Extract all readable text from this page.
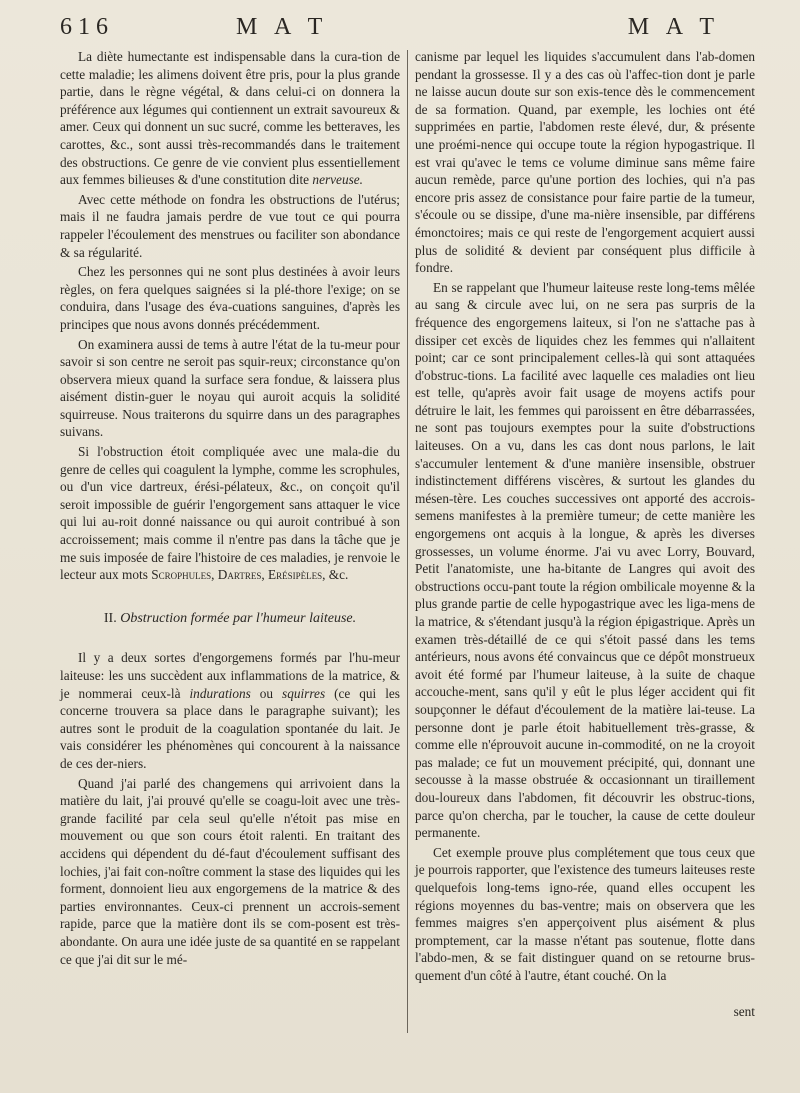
616	M A T	M A T

La diète humectante est indispensable dans la cura-tion de cette maladie; les alimens doivent être pris, pour la plus grande partie, dans le règne végétal, & dans celui-ci on donnera la préférence aux légumes qui contiennent un extrait savoureux & amer. Ceux qui donnent un suc sucré, comme les betteraves, les carottes, &c., sont aussi très-recommandés dans le traitement des obstructions. Ce genre de vie convient plus essentiellement aux femmes bilieuses & d'une constitution dite nerveuse.

Avec cette méthode on fondra les obstructions de l'utérus; mais il ne faudra jamais perdre de vue tout ce qui pourra rappeler l'écoulement des menstrues ou faciliter son abondance & sa régularité.

Chez les personnes qui ne sont plus destinées à avoir leurs règles, on fera quelques saignées si la plé-thore l'exige; on se conduira, dans l'usage des éva-cuations sanguines, d'après les principes que nous avons donnés précédemment.

On examinera aussi de tems à autre l'état de la tu-meur pour savoir si son centre ne seroit pas squir-reux; circonstance qu'on observera mieux quand la surface sera fondue, & laissera plus aisément distin-guer le noyau qui auroit acquis la solidité squirreuse. Nous traiterons du squirre dans un des paragraphes suivans.

Si l'obstruction étoit compliquée avec une mala-die du genre de celles qui coagulent la lymphe, comme les scrophules, ou d'un vice dartreux, érési-pélateux, &c., on conçoit qu'il seroit impossible de guérir l'engorgement sans attaquer le vice qui lui au-roit donné naissance ou qui auroit contribué à son accroissement; mais comme il n'entre pas dans la tâche que je me suis imposée de faire l'histoire de ces maladies, je renvoie le lecteur aux mots Scrophules, Dartres, Erésipèles, &c.

II. Obstruction formée par l'humeur laiteuse.

Il y a deux sortes d'engorgemens formés par l'hu-meur laiteuse: les uns succèdent aux inflammations de la matrice, & je nommerai ceux-là indurations ou squirres (ce qui les concerne trouvera sa place dans le paragraphe suivant); les autres sont le produit de la coagulation spontanée du lait. Je vais considérer les phénomènes qui concourent à la naissance de ces der-niers.

Quand j'ai parlé des changemens qui arrivoient dans la matière du lait, j'ai prouvé qu'elle se coagu-loit avec une très-grande facilité par cela seul qu'elle n'étoit pas mise en mouvement ou que son cours étoit ralenti. En traitant des accidens qui dépendent du dé-faut d'écoulement suffisant des lochies, j'ai fait con-noître comment la stase des liquides qui les forment, donnoient lieu aux engorgemens de la matrice & des parties environnantes. Ceux-ci prennent un accrois-sement rapide, parce que la matière dont ils se com-posent est très-abondante. On aura une idée juste de sa quantité en se rappelant ce que j'ai dit sur le mé-

canisme par lequel les liquides s'accumulent dans l'ab-domen pendant la grossesse. Il y a des cas où l'affec-tion dont je parle ne laisse aucun doute sur son exis-tence dès le commencement de sa formation. Quand, par exemple, les lochies ont été supprimées en partie, l'abdomen reste élevé, dur, & présente une proémi-nence qui occupe toute la région hypogastrique. Il est vrai qu'avec le tems ce volume diminue sans même faire aucun remède, parce qu'une portion des lochies, qui n'a pas encore pris assez de consistance pour faire partie de la tumeur, s'écoule ou se dissipe, d'une ma-nière insensible, par différens émonctoires; mais ce qui reste de l'engorgement acquiert aussi plus de solidité & devient par conséquent plus difficile à fondre.

En se rappelant que l'humeur laiteuse reste long-tems mêlée au sang & circule avec lui, on ne sera pas surpris de la fréquence des engorgemens laiteux, si l'on ne s'attache pas à dissiper cet excès de liquides chez les femmes qui n'allaitent point; car ce sont principalement celles-là qui sont attaquées d'obstruc-tions. La facilité avec laquelle ces maladies ont lieu est telle, qu'après avoir fait usage de moyens actifs pour détruire le lait, les femmes qui paroissent en être débarrassées, ne sont pas toujours exemptes pour la suite d'obstructions laiteuses. On a vu, dans les cas dont nous parlons, le lait s'accumuler lentement & d'une manière insensible, obstruer indistinctement différens viscères, & surtout les glandes du mésen-tère. Les couches successives ont apporté des accrois-semens manifestes à la première tumeur; de cette manière les engorgemens ont acquis à la longue, & après les diverses grossesses, un volume énorme. J'ai vu avec Lorry, Bouvard, Petit l'anatomiste, une ha-bitante de Langres qui avoit des obstructions occu-pant toute la région ombilicale moyenne & la plus grande partie de celle hypogastrique avec les liga-mens de la matrice, & s'étendant jusqu'à la région épigastrique. Après un examen très-détaillé de ce qui s'étoit passé dans les tems antérieurs, nous avons été convaincus que ce dépôt monstrueux avoit été formé par l'humeur laiteuse, à la suite de chaque accouche-ment, sans qu'il y eût le plus léger accident qui fit soupçonner le défaut d'écoulement de la matière lai-teuse. La personne dont je parle étoit habituellement très-grasse, & comme elle n'éprouvoit aucune in-commodité, on ne la croyoit pas malade; ce fut un mouvement précipité, qui, donnant une secousse à la masse obstruée & occasionnant un tiraillement dou-loureux dans l'abdomen, fit découvrir les obstruc-tions, parce qu'on chercha, par le toucher, la cause de cette douleur permanente.

Cet exemple prouve plus complétement que tous ceux que je pourrois rapporter, que l'existence des tumeurs laiteuses reste quelquefois long-tems igno-rée, quand elles occupent les régions moyennes du bas-ventre; mais on observera que les femmes maigres s'en apperçoivent plus aisément & plus promptement, car la masse n'étant pas soutenue, flotte dans l'abdo-men, & se fait distinguer quand on se retourne brus-quement d'un côté à l'autre, étant couché. On la

sent
